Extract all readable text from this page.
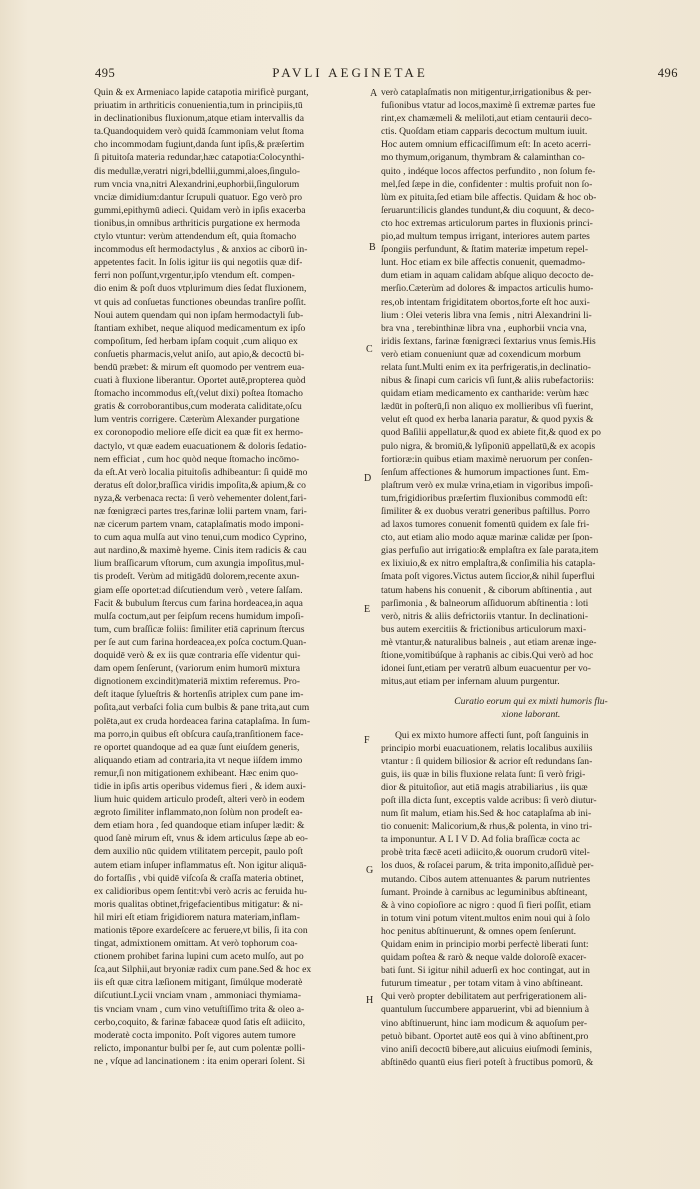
495	PAVLI AEGINETAE	496
Quin & ex Armeniaco lapide catapotia mirificè purgant,
priuatim in arthriticis conuenientia,tum in principiis,tū
in declinationibus fluxionum,atque etiam intervallis da
ta.Quandoquidem verò quidā ſcammoniam velut ſtoma
cho incommodam fugiunt,danda ſunt ipſis,& præſertim
ſi pituitoſa materia redundar,hæc catapotia:Colocynthi-
dis medullæ,veratri nigri,bdellii,gummi,aloes,ſingulo-
rum vncia vna,nitri Alexandrini,euphorbii,ſingulorum
vnciæ dimidium:dantur ſcrupuli quatuor. Ego verò pro
gummi,epithymū adieci. Quidam verò in ipſis exacerba
tionibus,in omnibus arthriticis purgatione ex hermoda
ctylo vtuntur: verùm attendendum eſt, quia ſtomacho
incommodus eſt hermodactylus , & anxios ac ciborū in-
appetentes facit. In ſolis igitur iis qui negotiis quæ dif-
ferri non poſſunt,vrgentur,ipſo vtendum eſt. compen-
dio enim & poſt duos vtplurimum dies ſedat fluxionem,
vt quis ad conſuetas functiones obeundas tranſire poſſit.
Noui autem quendam qui non ipſam hermodactyli ſub-
ſtantiam exhibet, neque aliquod medicamentum ex ipſo
compoſitum, ſed herbam ipſam coquit ,cum aliquo ex
conſuetis pharmacis,velut aniſo, aut apio,& decoctū bi-
bendū præbet: & mirum eſt quomodo per ventrem eua-
cuati à fluxione liberantur. Oportet autē,propterea quòd
ſtomacho incommodus eſt,(velut dixi) poſtea ſtomacho
gratis & corroborantibus,cum moderata caliditate,oſcu
lum ventris corrigere. Cæterùm Alexander purgatione
ex coronopodio meliore eſſe dicit ea quæ fit ex hermo-
dactylo, vt quæ eadem euacuationem & doloris ſedatio-
nem efficiat , cum hoc quòd neque ſtomacho incōmo-
da eſt.At verò localia pituitoſis adhibeantur: ſi quidē mo
deratus eſt dolor,braſſica viridis impoſita,& apium,& co
nyza,& verbenaca recta: ſi verò vehementer dolent,fari-
næ fœnigræci partes tres,farinæ lolii partem vnam, fari-
næ cicerum partem vnam, cataplaſmatis modo imponi-
to cum aqua mulſa aut vino tenui,cum modico Cyprino,
aut nardino,& maximè hyeme. Cinis item radicis & cau
lium braſſicarum vſtorum, cum axungia impoſitus,mul-
tis prodeſt. Verùm ad mitigādū dolorem,recente axun-
giam eſſe oportet:ad diſcutiendum verò , vetere ſalſam.
Facit & bubulum ſtercus cum farina hordeacea,in aqua
mulſa coctum,aut per ſeipſum recens humidum impoſi-
tum, cum braſſicæ foliis: ſimiliter etiā caprinum ſtercus
per ſe aut cum farina hordeacea,ex poſca coctum.Quan-
doquidē verò & ex iis quæ contraria eſſe videntur qui-
dam opem ſenſerunt, (variorum enim humorū mixtura
dignotionem excindit)materiā mixtim referemus. Pro-
deſt itaque ſylueſtris & hortenſis atriplex cum pane im-
poſita,aut verbaſci folia cum bulbis & pane trita,aut cum
polēta,aut ex cruda hordeacea farina cataplaſma. In ſum-
ma porro,in quibus eſt obſcura cauſa,tranſitionem face-
re oportet quandoque ad ea quæ ſunt eiuſdem generis,
aliquando etiam ad contraria,ita vt neque iiſdem immo
remur,ſi non mitigationem exhibeant. Hæc enim quo-
tidie in ipſis artis operibus videmus fieri , & idem auxi-
lium huic quidem articulo prodeſt, alteri verò in eodem
ægroto ſimiliter inflammato,non ſolùm non prodeſt ea-
dem etiam hora , ſed quandoque etiam inſuper lædit: &
quod ſanè mirum eſt, vnus & idem articulus ſæpe ab eo-
dem auxilio nūc quidem vtilitatem percepit, paulo poſt
autem etiam inſuper inflammatus eſt. Non igitur aliquā-
do fortaſſis , vbi quidē viſcoſa & craſſa materia obtinet,
ex calidioribus opem ſentit:vbi verò acris ac feruida hu-
moris qualitas obtinet,frigefacientibus mitigatur: & ni-
hil miri eſt etiam frigidiorem natura materiam,inflam-
mationis tēpore exardeſcere ac feruere,vt bilis, ſi ita con
tingat, admixtionem omittam. At verò tophorum coa-
ctionem prohibet farina lupini cum aceto mulſo, aut po
ſca,aut Silphii,aut bryoniæ radix cum pane.Sed & hoc ex
iis eſt quæ citra læſionem mitigant, ſimúlque moderatè
diſcutiunt.Lycii vnciam vnam , ammoniaci thymiama-
tis vnciam vnam , cum vino vetuſtiſſimo trita & oleo a-
cerbo,coquito, & farinæ fabaceæ quod ſatis eſt adiicito,
moderatè cocta imponito. Poſt vigores autem tumore
relicto, imponantur bulbi per ſe, aut cum polentæ polli-
ne , vſque ad lancinationem : ita enim operari ſolent. Si
verò cataplaſmatis non mitigentur,irrigationibus & per-
fuſionibus vtatur ad locos,maximè ſi extremæ partes fue
rint,ex chamæmeli & meliloti,aut etiam centaurii deco-
ctis. Quoſdam etiam capparis decoctum multum iuuit.
Hoc autem omnium efficaciſſimum eſt: In aceto acerri-
mo thymum,origanum, thymbram & calaminthan co-
quito , indéque locos affectos perfundito , non ſolum fe-
mel,ſed ſæpe in die, confidenter : multis profuit non ſo-
lùm ex pituita,ſed etiam bile affectis. Quidam & hoc ob-
ſeruarunt:ilicis glandes tundunt,& diu coquunt, & deco-
cto hoc extremas articulorum partes in fluxionis princi-
pio,ad multum tempus irrigant, interiores autem partes
ſpongiis perfundunt, & ſtatim materiæ impetum repel-
lunt. Hoc etiam ex bile affectis conuenit, quemadmo-
dum etiam in aquam calidam abſque aliquo decocto de-
merſio.Cæterùm ad dolores & impactos articulis humo-
res,ob intentam frigiditatem obortos,forte eſt hoc auxi-
lium : Olei veteris libra vna ſemis , nitri Alexandrini li-
bra vna , terebinthinæ libra vna , euphorbii vncia vna,
iridis ſextans, farinæ fœnigræci ſextarius vnus ſemis.His
verò etiam conueniunt quæ ad coxendicum morbum
relata ſunt.Multi enim ex ita perfrigeratis,in declinatio-
nibus & ſinapi cum caricis vſi ſunt,& aliis rubefactoriis:
quidam etiam medicamento ex cantharide: verùm hæc
lædūt in poſterū,ſi non aliquo ex mollieribus vſi fuerint,
velut eſt quod ex herba lanaria paratur, & quod pyxis &
quod Baſilii appellatur,& quod ex abiete fit,& quod ex po
pulo nigra, & bromiū,& lyſiponiū appellatū,& ex acopis
fortioræ:in quibus etiam maximè neruorum per conſen-
ſenſum affectiones & humorum impactiones ſunt. Em-
plaſtrum verò ex mulæ vrina,etiam in vigoribus impoſi-
tum,frigidioribus præſertim fluxionibus commodū eſt:
ſimiliter & ex duobus veratri generibus paſtillus. Porro
ad laxos tumores conuenit fomentū quidem ex ſale fri-
cto, aut etiam alio modo aquæ marinæ calidæ per ſpon-
gias perfuſio aut irrigatio:& emplaſtra ex ſale parata,item
ex lixiuio,& ex nitro emplaſtra,& conſimilia his catapla-
ſmata poſt vigores.Victus autem ſiccior,& nihil ſuperflui
tatum habens his conuenit , & ciborum abſtinentia , aut
parſimonia , & balneorum aſſiduorum abſtinentia : loti
verò, nitris & aliis defrictoriis vtantur. In declinationi-
bus autem exercitiis & frictionibus articulorum maxi-
mè vtantur,& naturalibus balneis , aut etiam arenæ inge-
ſtione,vomitibúſque à raphanis ac cibis.Qui verò ad hoc
idonei ſunt,etiam per veratrū album euacuentur per vo-
mitus,aut etiam per infernam aluum purgentur.
Curatio eorum qui ex mixti humoris flu-
xione laborant.
Qui ex mixto humore affecti ſunt, poſt ſanguinis in
principio morbi euacuationem, relatis localibus auxiliis
vtantur : ſi quidem biliosior & acrior eſt redundans ſan-
guis, iis quæ in bilis fluxione relata ſunt: ſi verò frigi-
dior & pituitoſior, aut etiā magis atrabiliarius , iis quæ
poſt illa dicta ſunt, exceptis valde acribus: ſi verò diutur-
num ſit malum, etiam his.Sed & hoc cataplaſma ab ini-
tio conuenit: Malicorium,& rhus,& polenta, in vino tri-
ta imponuntur. A L I V D. Ad folia braſſicæ cocta ac
probè trita fæcē aceti adiicito,& ouorum crudorū vitel-
los duos, & roſacei parum, & trita imponito,aſſiduè per-
mutando. Cibos autem attenuantes & parum nutrientes
ſumant. Proinde à carnibus ac leguminibus abſtineant,
& à vino copioſiore ac nigro : quod ſi fieri poſſit, etiam
in totum vini potum vitent.multos enim noui qui à ſolo
hoc penitus abſtinuerunt, & omnes opem ſenſerunt.
Quidam enim in principio morbi perfectè liberati ſunt:
quidam poſtea & rarò & neque valde doloroſè exacer-
bati ſunt. Si igitur nihil aduerſi ex hoc contingat, aut in
futurum timeatur , per totam vitam à vino abſtineant.
Qui verò propter debilitatem aut perfrigerationem ali-
quantulum ſuccumbere apparuerint, vbi ad biennium à
vino abſtinuerunt, hinc iam modicum & aquoſum per-
petuò bibant. Oportet autē eos qui à vino abſtinent,pro
vino aniſi decoctū bibere,aut alicuius eiuſmodi ſeminis,
abſtinēdo quantū eius fieri poteſt à fructibus pomorū, &
A
B
C
D
E
F
G
H
